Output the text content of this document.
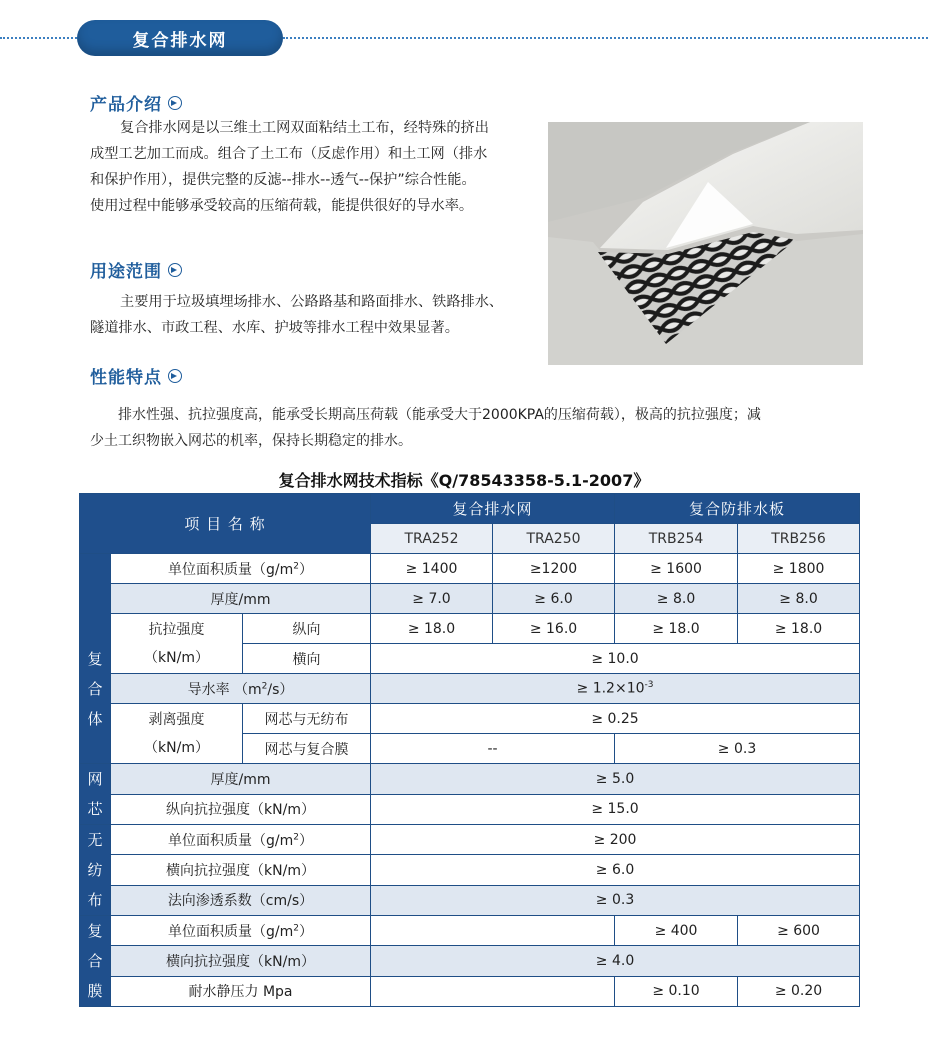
复合排水网
产品介绍
复合排水网是以三维土工网双面粘结土工布，经特殊的挤出
成型工艺加工而成。组合了土工布（反虑作用）和土工网（排水
和保护作用），提供完整的反滤--排水--透气--保护”综合性能。
使用过程中能够承受较高的压缩荷载，能提供很好的导水率。
用途范围
主要用于垃圾填埋场排水、公路路基和路面排水、铁路排水、
隧道排水、市政工程、水库、护坡等排水工程中效果显著。
性能特点
排水性强、抗拉强度高，能承受长期高压荷载（能承受大于2000KPA的压缩荷载），极高的抗拉强度；减
少土工织物嵌入网芯的机率，保持长期稳定的排水。
复合排水网技术指标《Q/78543358-5.1-2007》
项 目 名 称			复合排水网		复合防排水板	
			TRA252	TRA250	TRB254	TRB256

复合体	单位面积质量$(g/m^2)$		≥ 1400	≥1200	≥ 1600	≥ 1800
	厚度/mm		≥ 7.0	≥ 6.0	≥ 8.0	≥ 8.0

	抗拉强度
（kN/m）	纵向	≥ 18.0	≥ 16.0	≥ 18.0	≥ 18.0
		横向	≥ 10.0			
	导水率 $(m^2/s)$		≥ $1.2\times 10^{-3}$

	剥离强度
（kN/m）	网芯与无纺布	≥ 0.25			
		网芯与复合膜	--		≥ 0.3	

网芯	厚度/mm		≥ 5.0			
	纵向抗拉强度（kN/m）		≥ 15.0			

无纺布	单位面积质量$(g/m^2)$		≥ 200			
	横向抗拉强度（kN/m）		≥ 6.0			
	法向渗透系数（cm/s）		≥ 0.3			

复合膜	单位面积质量$(g/m^2)$				≥ 400	≥ 600
	横向抗拉强度（kN/m）		≥ 4.0			
	耐水静压力 Mpa				≥ 0.10	≥ 0.20
